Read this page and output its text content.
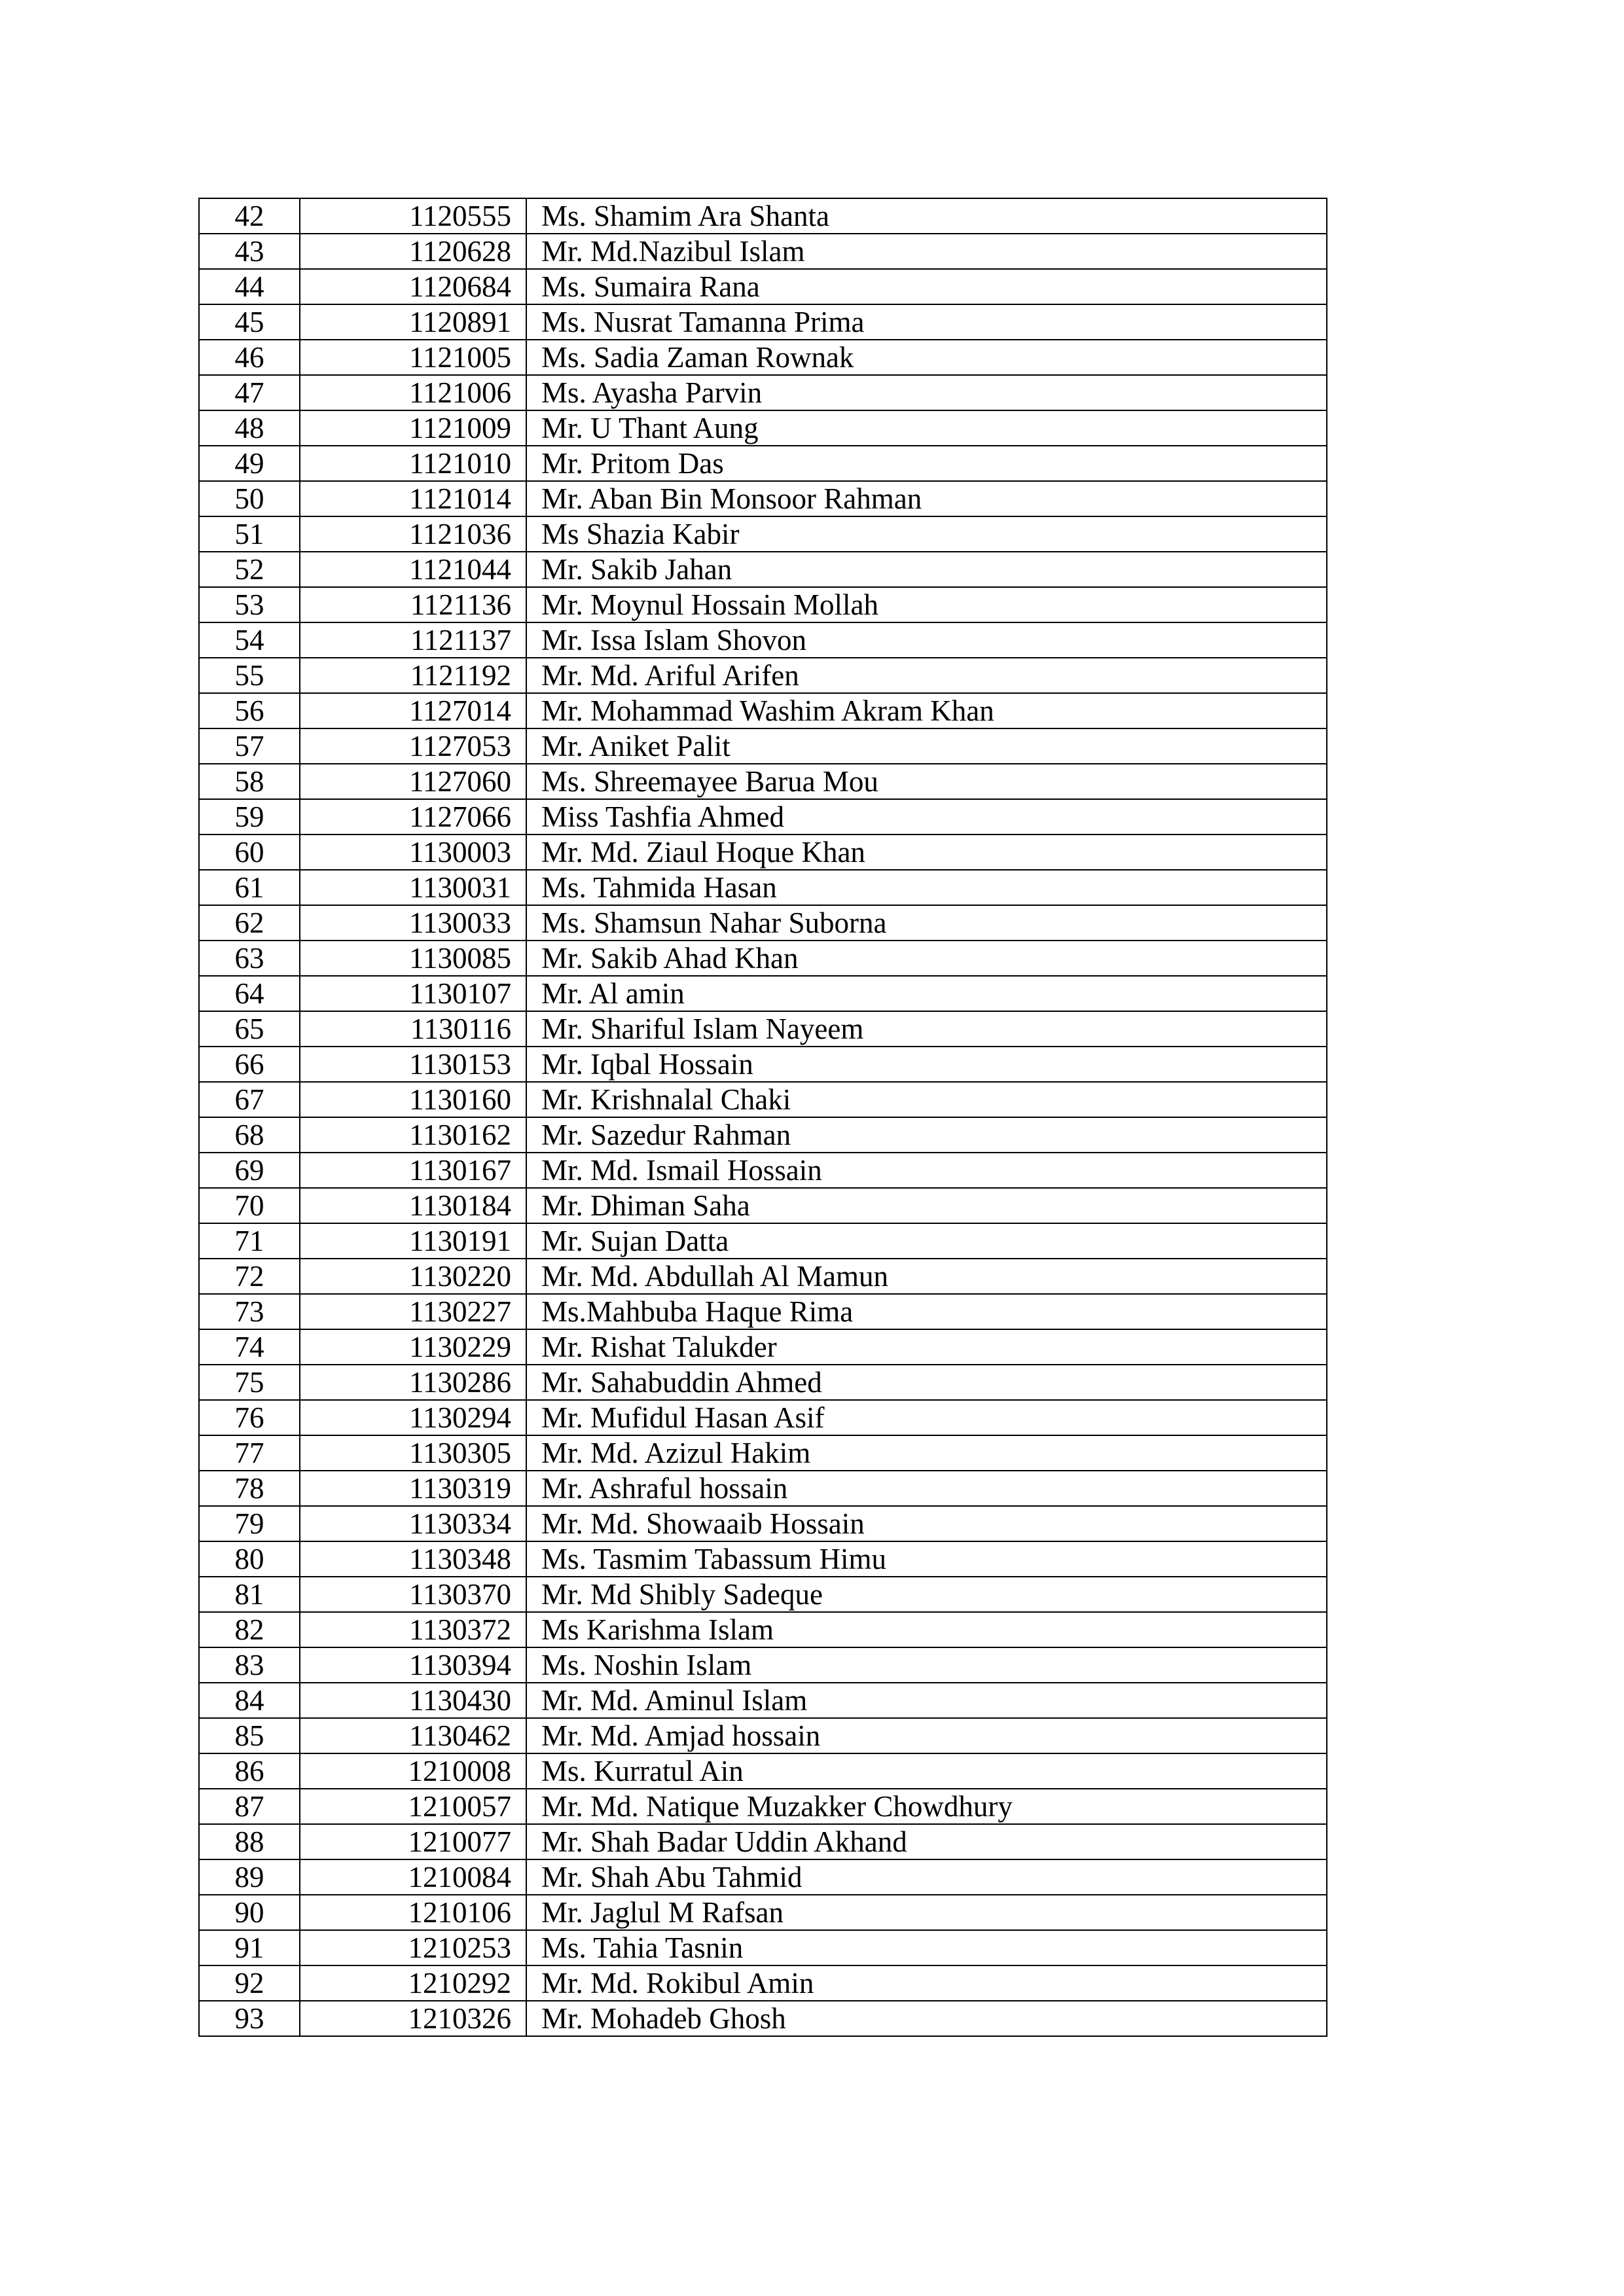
42	1120555	Ms. Shamim Ara Shanta
43	1120628	Mr. Md.Nazibul Islam
44	1120684	Ms. Sumaira Rana
45	1120891	Ms. Nusrat Tamanna Prima
46	1121005	Ms. Sadia Zaman Rownak
47	1121006	Ms. Ayasha Parvin
48	1121009	Mr. U Thant Aung
49	1121010	Mr. Pritom Das
50	1121014	Mr. Aban Bin Monsoor Rahman
51	1121036	Ms Shazia Kabir
52	1121044	Mr. Sakib Jahan
53	1121136	Mr. Moynul Hossain Mollah
54	1121137	Mr. Issa Islam Shovon
55	1121192	Mr. Md. Ariful Arifen
56	1127014	Mr. Mohammad Washim Akram Khan
57	1127053	Mr. Aniket Palit
58	1127060	Ms. Shreemayee Barua Mou
59	1127066	Miss Tashfia Ahmed
60	1130003	Mr. Md. Ziaul Hoque Khan
61	1130031	Ms. Tahmida Hasan
62	1130033	Ms. Shamsun Nahar Suborna
63	1130085	Mr. Sakib Ahad Khan
64	1130107	Mr. Al amin
65	1130116	Mr. Shariful Islam Nayeem
66	1130153	Mr. Iqbal Hossain
67	1130160	Mr. Krishnalal Chaki
68	1130162	Mr. Sazedur Rahman
69	1130167	Mr. Md. Ismail Hossain
70	1130184	Mr. Dhiman Saha
71	1130191	Mr. Sujan Datta
72	1130220	Mr. Md. Abdullah Al Mamun
73	1130227	Ms.Mahbuba Haque Rima
74	1130229	Mr. Rishat Talukder
75	1130286	Mr. Sahabuddin Ahmed
76	1130294	Mr. Mufidul Hasan Asif
77	1130305	Mr. Md. Azizul Hakim
78	1130319	Mr. Ashraful hossain
79	1130334	Mr. Md. Showaaib Hossain
80	1130348	Ms. Tasmim Tabassum Himu
81	1130370	Mr. Md Shibly Sadeque
82	1130372	Ms Karishma Islam
83	1130394	Ms. Noshin Islam
84	1130430	Mr. Md. Aminul Islam
85	1130462	Mr. Md. Amjad hossain
86	1210008	Ms. Kurratul Ain
87	1210057	Mr. Md. Natique Muzakker Chowdhury
88	1210077	Mr. Shah Badar Uddin Akhand
89	1210084	Mr. Shah Abu Tahmid
90	1210106	Mr. Jaglul M Rafsan
91	1210253	Ms. Tahia Tasnin
92	1210292	Mr. Md. Rokibul Amin
93	1210326	Mr. Mohadeb Ghosh
